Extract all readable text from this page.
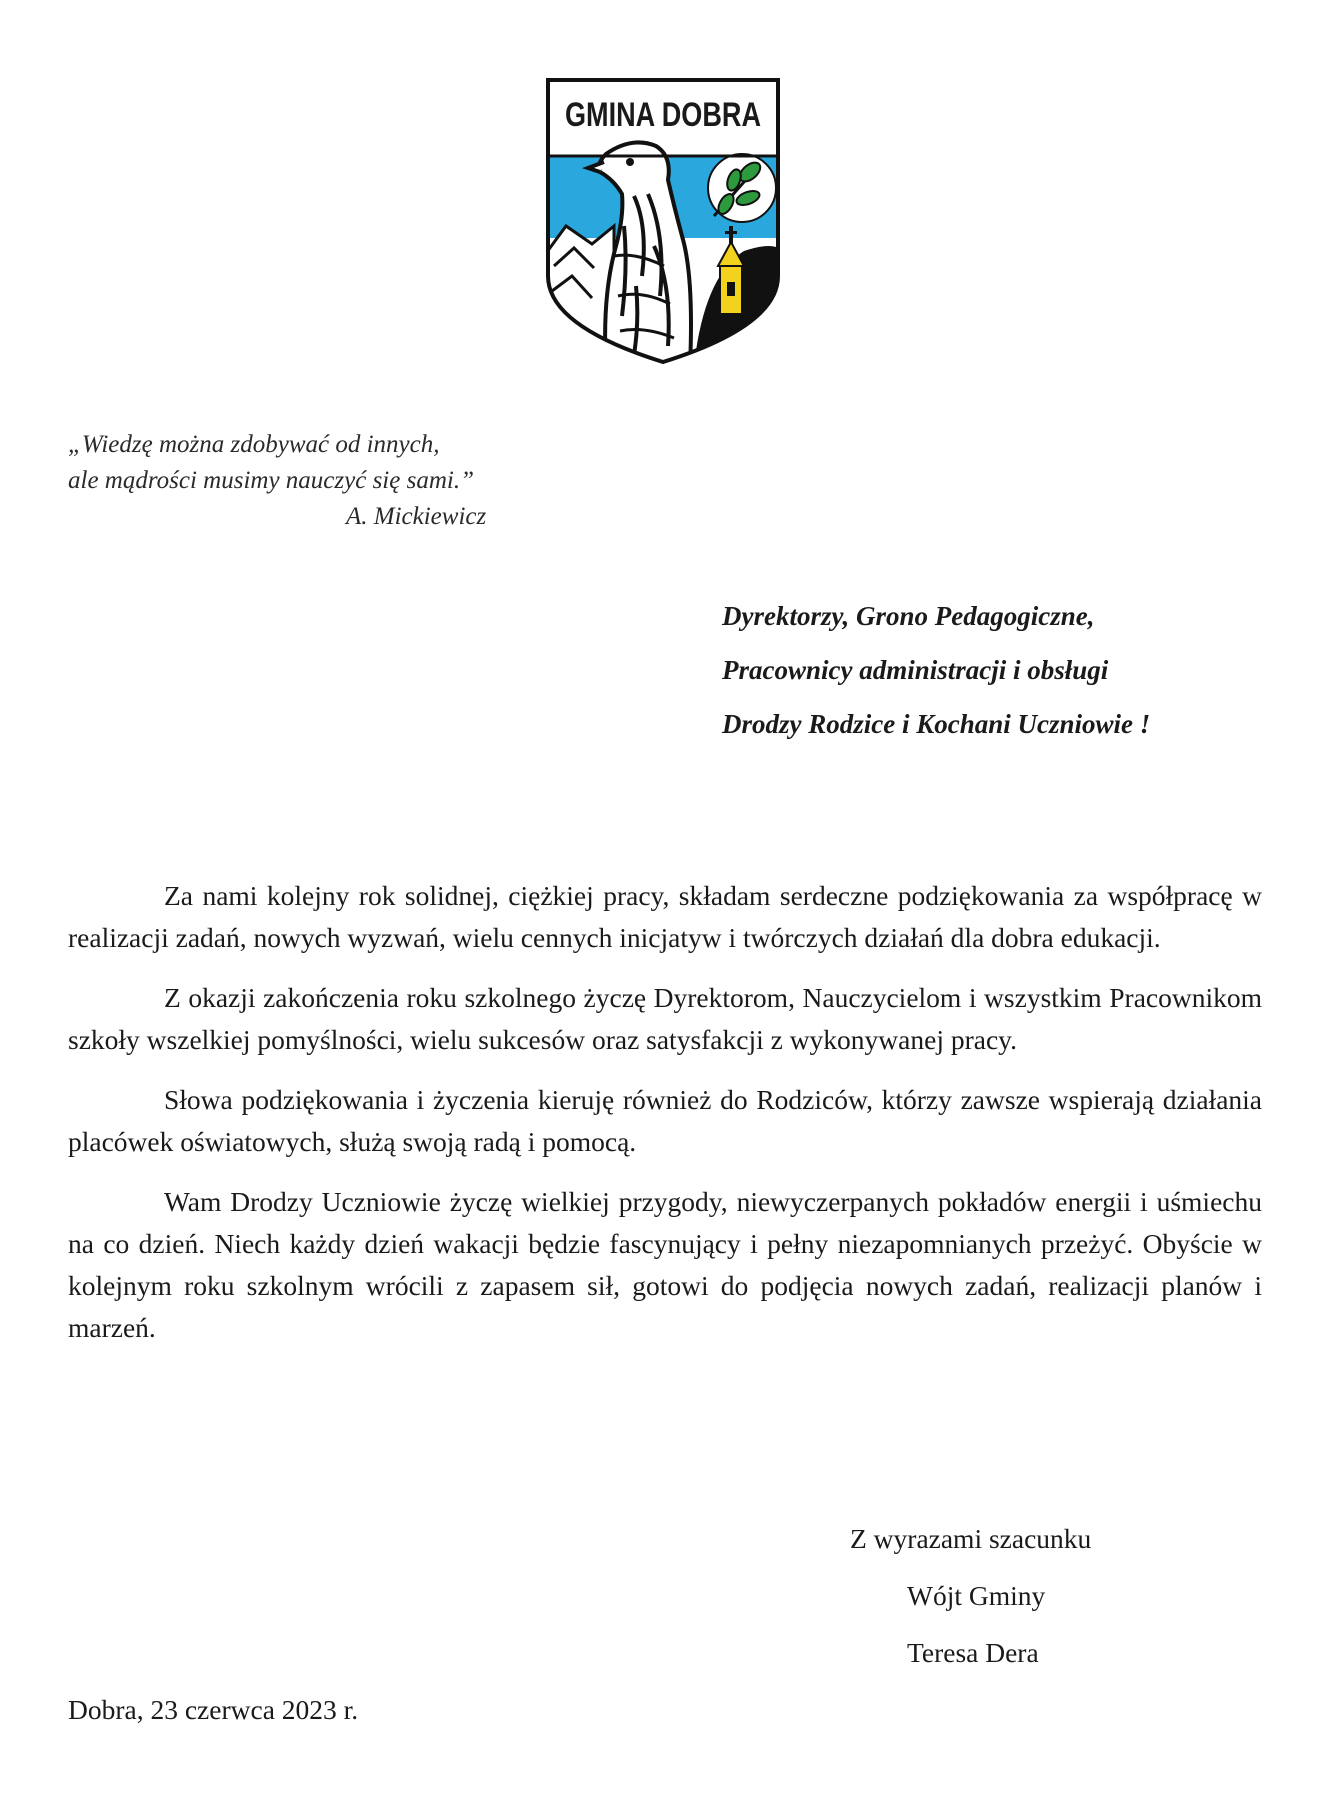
GMINA DOBRA
„Wiedzę można zdobywać od innych,
ale mądrości musimy nauczyć się sami.”
A. Mickiewicz
Dyrektorzy, Grono Pedagogiczne,
Pracownicy administracji i obsługi
Drodzy Rodzice i Kochani Uczniowie !

Za nami kolejny rok solidnej, ciężkiej pracy, składam serdeczne podziękowania za współpracę w realizacji zadań, nowych wyzwań, wielu cennych inicjatyw i twórczych działań dla dobra edukacji.

Z okazji zakończenia roku szkolnego życzę Dyrektorom, Nauczycielom i wszystkim Pracownikom szkoły wszelkiej pomyślności, wielu sukcesów oraz satysfakcji z wykonywanej pracy.

Słowa podziękowania i życzenia kieruję również do Rodziców, którzy zawsze wspierają działania placówek oświatowych, służą swoją radą i pomocą.

Wam Drodzy Uczniowie życzę wielkiej przygody, niewyczerpanych pokładów energii i uśmiechu na co dzień. Niech każdy dzień wakacji będzie fascynujący i pełny niezapomnianych przeżyć. Obyście w kolejnym roku szkolnym wrócili z zapasem sił, gotowi do podjęcia nowych zadań, realizacji planów i marzeń.

Z wyrazami szacunku
Wójt Gminy
Teresa Dera
Dobra, 23 czerwca 2023 r.
